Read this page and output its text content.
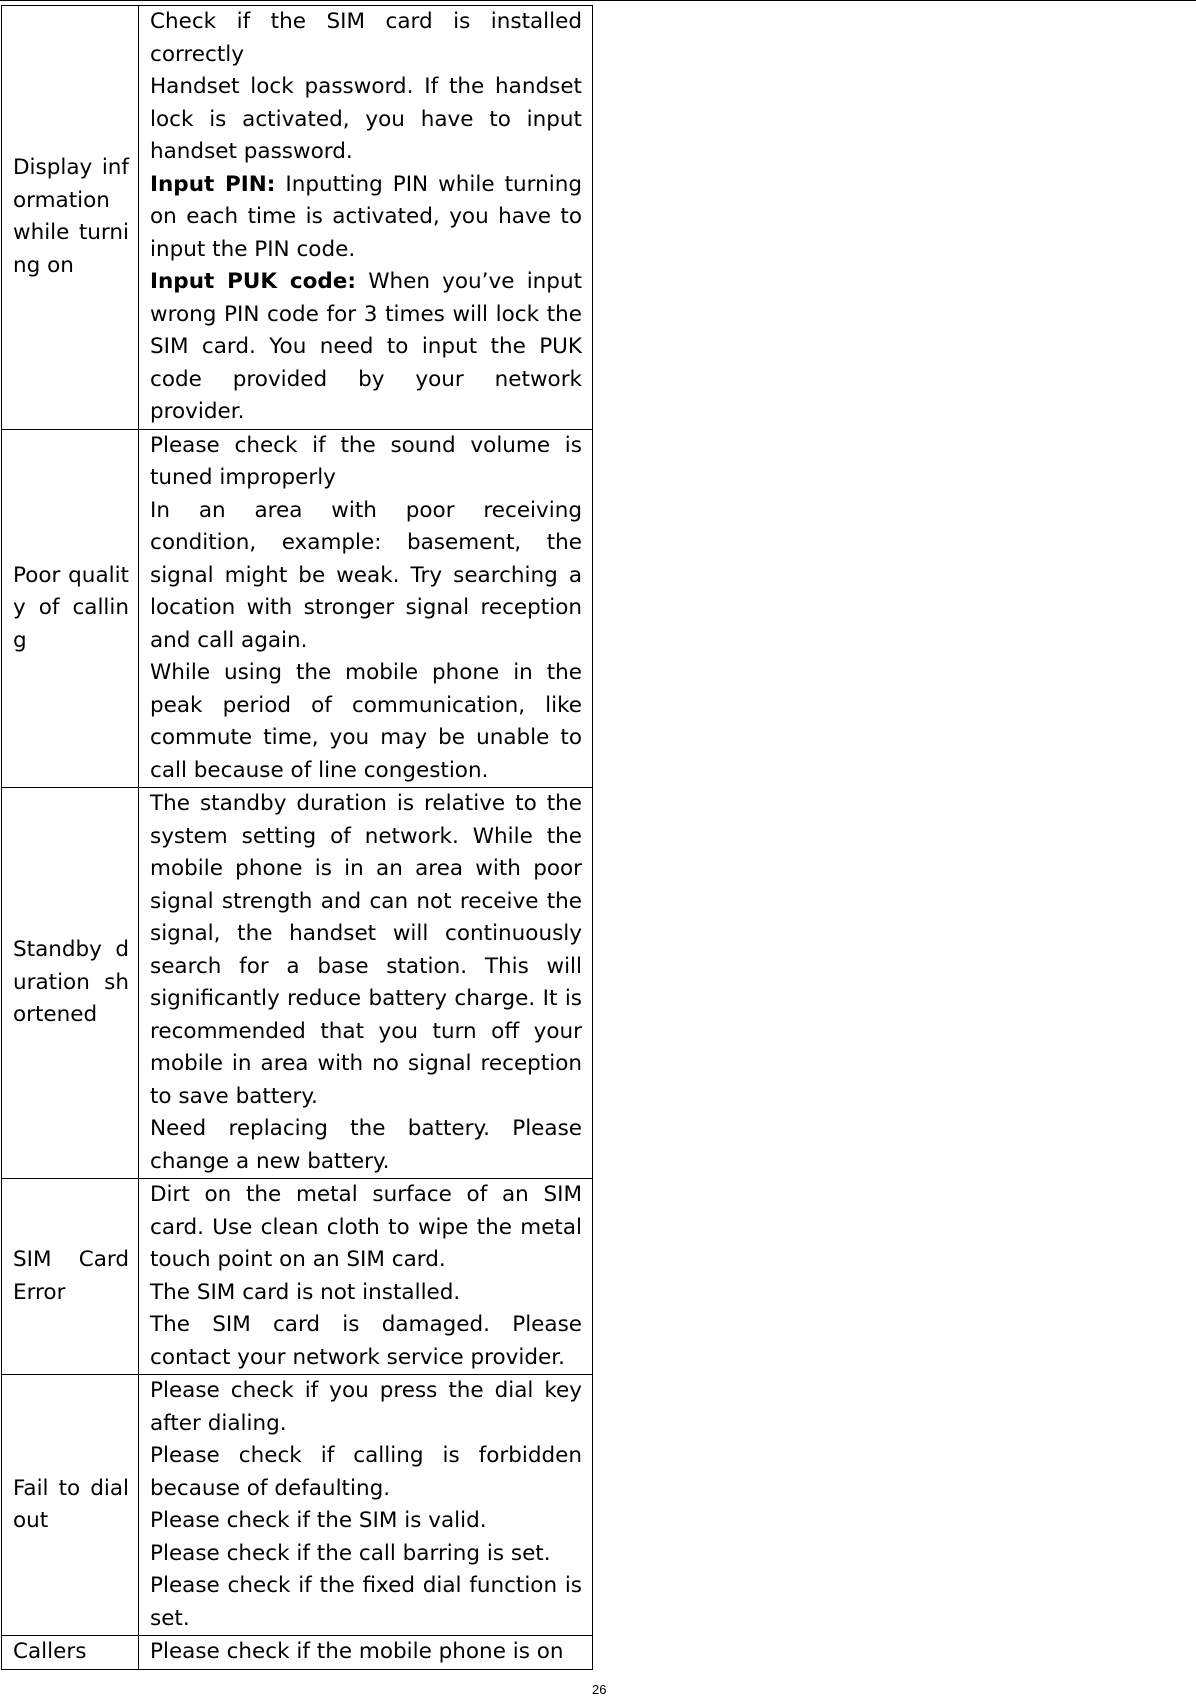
Display information while turning on	Check if the SIM card is installed correctly
Handset lock password. If the handset lock is activated, you have to input handset password.
Input PIN: Inputting PIN while turning on each time is activated, you have to input the PIN code.
Input PUK code: When you’ve input wrong PIN code for 3 times will lock the SIM card. You need to input the PUK code provided by your network provider.

Poor quality of calling	Please check if the sound volume is tuned improperly
In an area with poor receiving condition, example: basement, the signal might be weak. Try searching a location with stronger signal reception and call again.
While using the mobile phone in the peak period of communication, like commute time, you may be unable to call because of line congestion.

Standby duration shortened	The standby duration is relative to the system setting of network. While the mobile phone is in an area with poor signal strength and can not receive the signal, the handset will continuously search for a base station. This will significantly reduce battery charge. It is recommended that you turn off your mobile in area with no signal reception to save battery.
Need replacing the battery. Please change a new battery.

SIM Card Error	Dirt on the metal surface of an SIM card. Use clean cloth to wipe the metal touch point on an SIM card.
The SIM card is not installed.
The SIM card is damaged. Please contact your network service provider.

Fail to dial out	Please check if you press the dial key after dialing.
Please check if calling is forbidden because of defaulting.
Please check if the SIM is valid.
Please check if the call barring is set.
Please check if the fixed dial function is set.

Callers	Please check if the mobile phone is on
26
